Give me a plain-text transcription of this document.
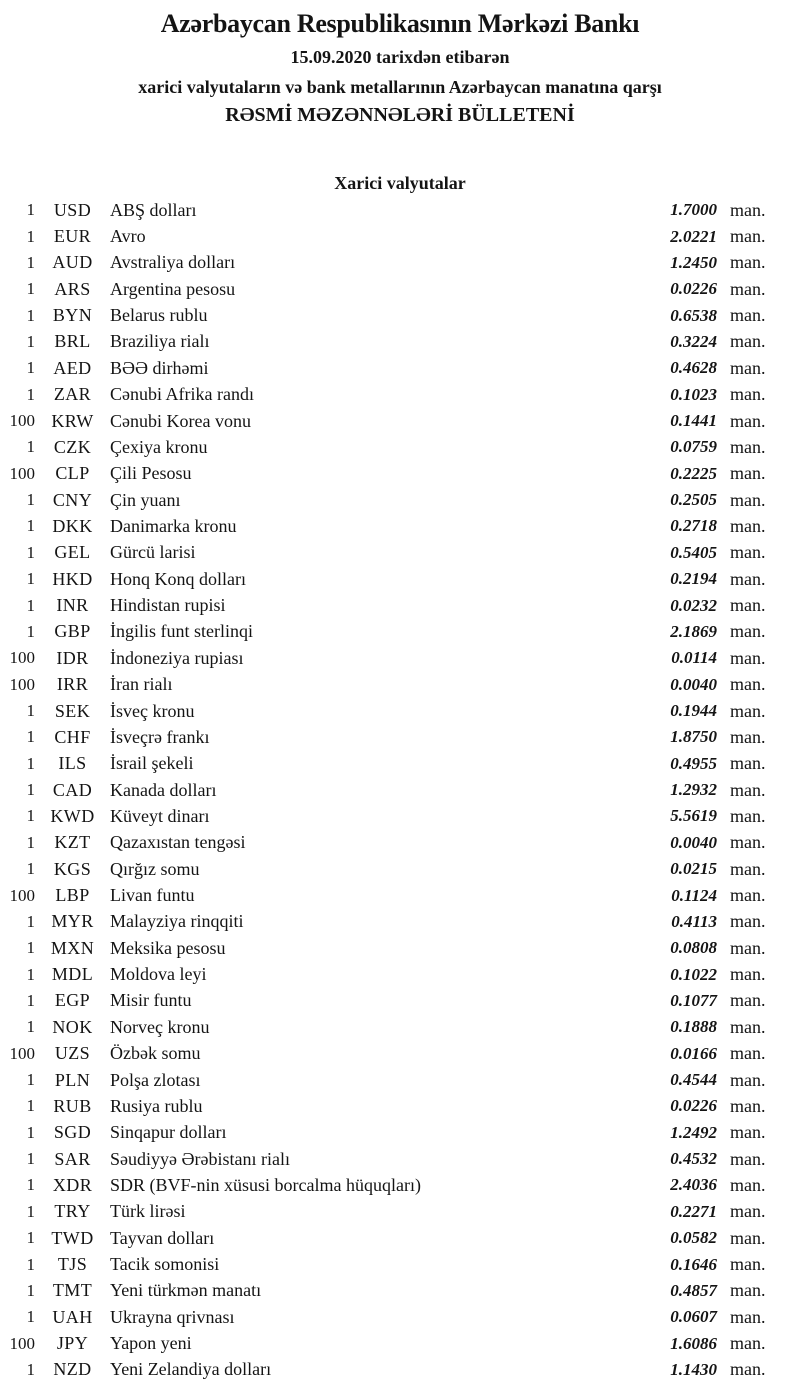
Azərbaycan Respublikasının Mərkəzi Bankı
15.09.2020 tarixdən etibarən
xarici valyutaların və bank metallarının Azərbaycan manatına qarşı
RƏSMİ MƏZƏNNƏLƏRİ BÜLLETENİ
Xarici valyutalar
1	USD	ABŞ dolları	1.7000 man.
1	EUR	Avro	2.0221 man.
1 AUD Avstraliya dolları	1.2450 man.
1	ARS	Argentina pesosu	0.0226 man.
1 BYN Belarus rublu	0.6538 man.
1	BRL	Braziliya rialı	0.3224 man.
1	AED	BƏƏ dirhəmi	0.4628 man.
1	ZAR	Cənubi Afrika randı	0.1023 man.
100 KRW Cənubi Korea vonu	0.1441 man.
1	CZK	Çexiya kronu	0.0759 man.
100	CLP	Çili Pesosu	0.2225 man.
1 CNY Çin yuanı	0.2505 man.
1 DKK Danimarka kronu	0.2718 man.
1	GEL	Gürcü larisi	0.5405 man.
1 HKD Honq Konq dolları	0.2194 man.
1	INR	Hindistan rupisi	0.0232 man.
1	GBP	İngilis funt sterlinqi	2.1869 man.
100	IDR	İndoneziya rupiası	0.0114 man.
100	IRR	İran rialı	0.0040 man.
1	SEK	İsveç kronu	0.1944 man.
1	CHF	İsveçrə frankı	1.8750 man.
1	ILS	İsrail şekeli	0.4955 man.
1 CAD Kanada dolları	1.2932 man.
1 KWD Küveyt dinarı	5.5619 man.
1	KZT	Qazaxıstan tengəsi	0.0040 man.
1	KGS	Qırğız somu	0.0215 man.
100	LBP	Livan funtu	0.1124 man.
1 MYR Malayziya rinqqiti	0.4113 man.
1 MXN Meksika pesosu	0.0808 man.
1 MDL Moldova leyi	0.1022 man.
1	EGP	Misir funtu	0.1077 man.
1 NOK Norveç kronu	0.1888 man.
100	UZS	Özbək somu	0.0166 man.
1	PLN	Polşa zlotası	0.4544 man.
1	RUB	Rusiya rublu	0.0226 man.
1	SGD	Sinqapur dolları	1.2492 man.
1	SAR	Səudiyyə Ərəbistanı rialı	0.4532 man.
1 XDR SDR (BVF-nin xüsusi borcalma hüquqları)	2.4036 man.
1	TRY	Türk lirəsi	0.2271 man.
1 TWD Tayvan dolları	0.0582 man.
1	TJS	Tacik somonisi	0.1646 man.
1 TMT Yeni türkmən manatı	0.4857 man.
1 UAH Ukrayna qrivnası	0.0607 man.
100	JPY	Yapon yeni	1.6086 man.
1	NZD	Yeni Zelandiya dolları	1.1430 man.
